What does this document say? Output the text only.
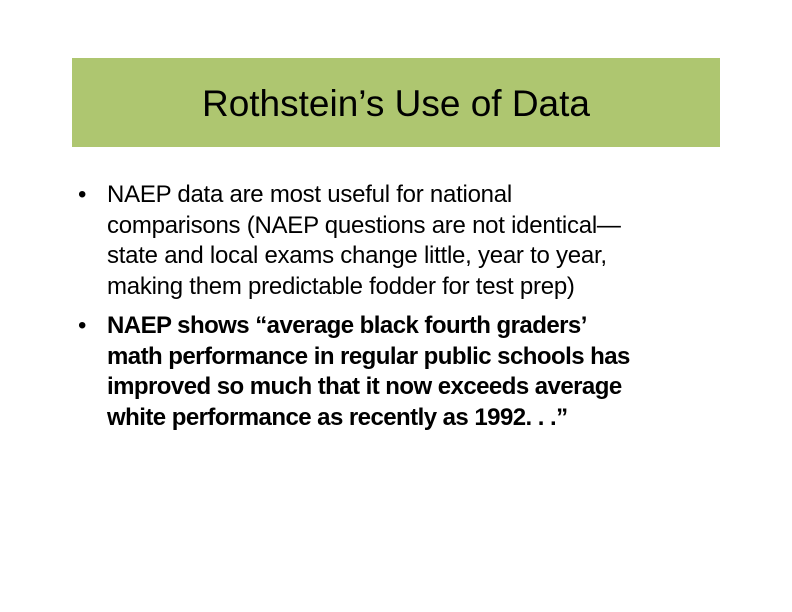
Rothstein’s Use of Data
• NAEP data are most useful for national
comparisons (NAEP questions are not identical—
state and local exams change little, year to year,
making them predictable fodder for test prep)
• NAEP shows “average black fourth graders’
math performance in regular public schools has
improved so much that it now exceeds average
white performance as recently as 1992. . .”
